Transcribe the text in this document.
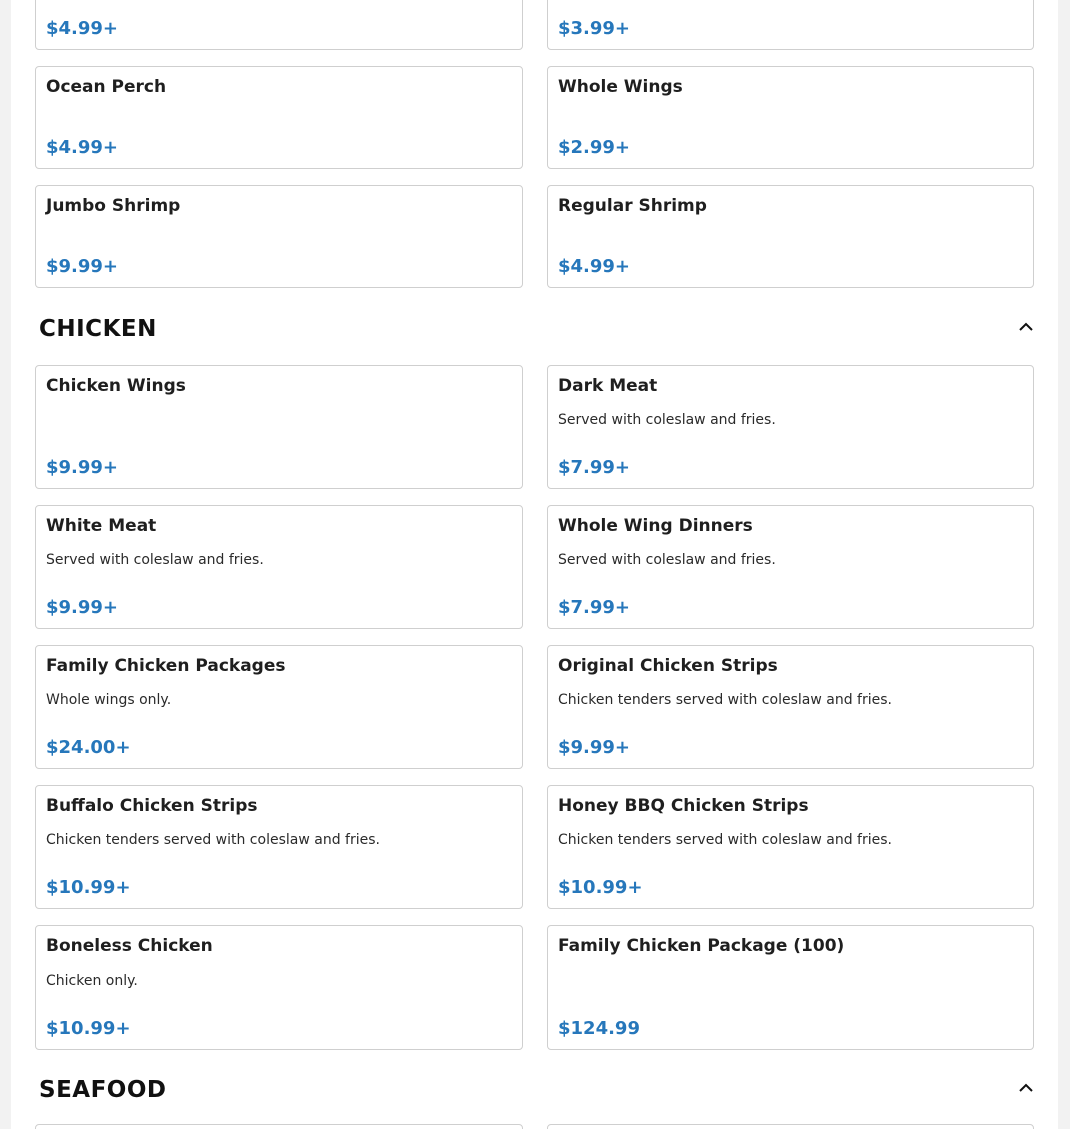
$4.99+	$3.99+
Ocean Perch
$4.99+
Whole Wings
$2.99+
Jumbo Shrimp
$9.99+
Regular Shrimp
$4.99+
CHICKEN
Chicken Wings
$9.99+
Dark Meat
Served with coleslaw and fries.
$7.99+
White Meat
Served with coleslaw and fries.
$9.99+
Whole Wing Dinners
Served with coleslaw and fries.
$7.99+
Family Chicken Packages
Whole wings only.
$24.00+
Original Chicken Strips
Chicken tenders served with coleslaw and fries.
$9.99+
Buffalo Chicken Strips
Chicken tenders served with coleslaw and fries.
$10.99+
Honey BBQ Chicken Strips
Chicken tenders served with coleslaw and fries.
$10.99+
Boneless Chicken
Chicken only.
$10.99+
Family Chicken Package (100)
$124.99
SEAFOOD
